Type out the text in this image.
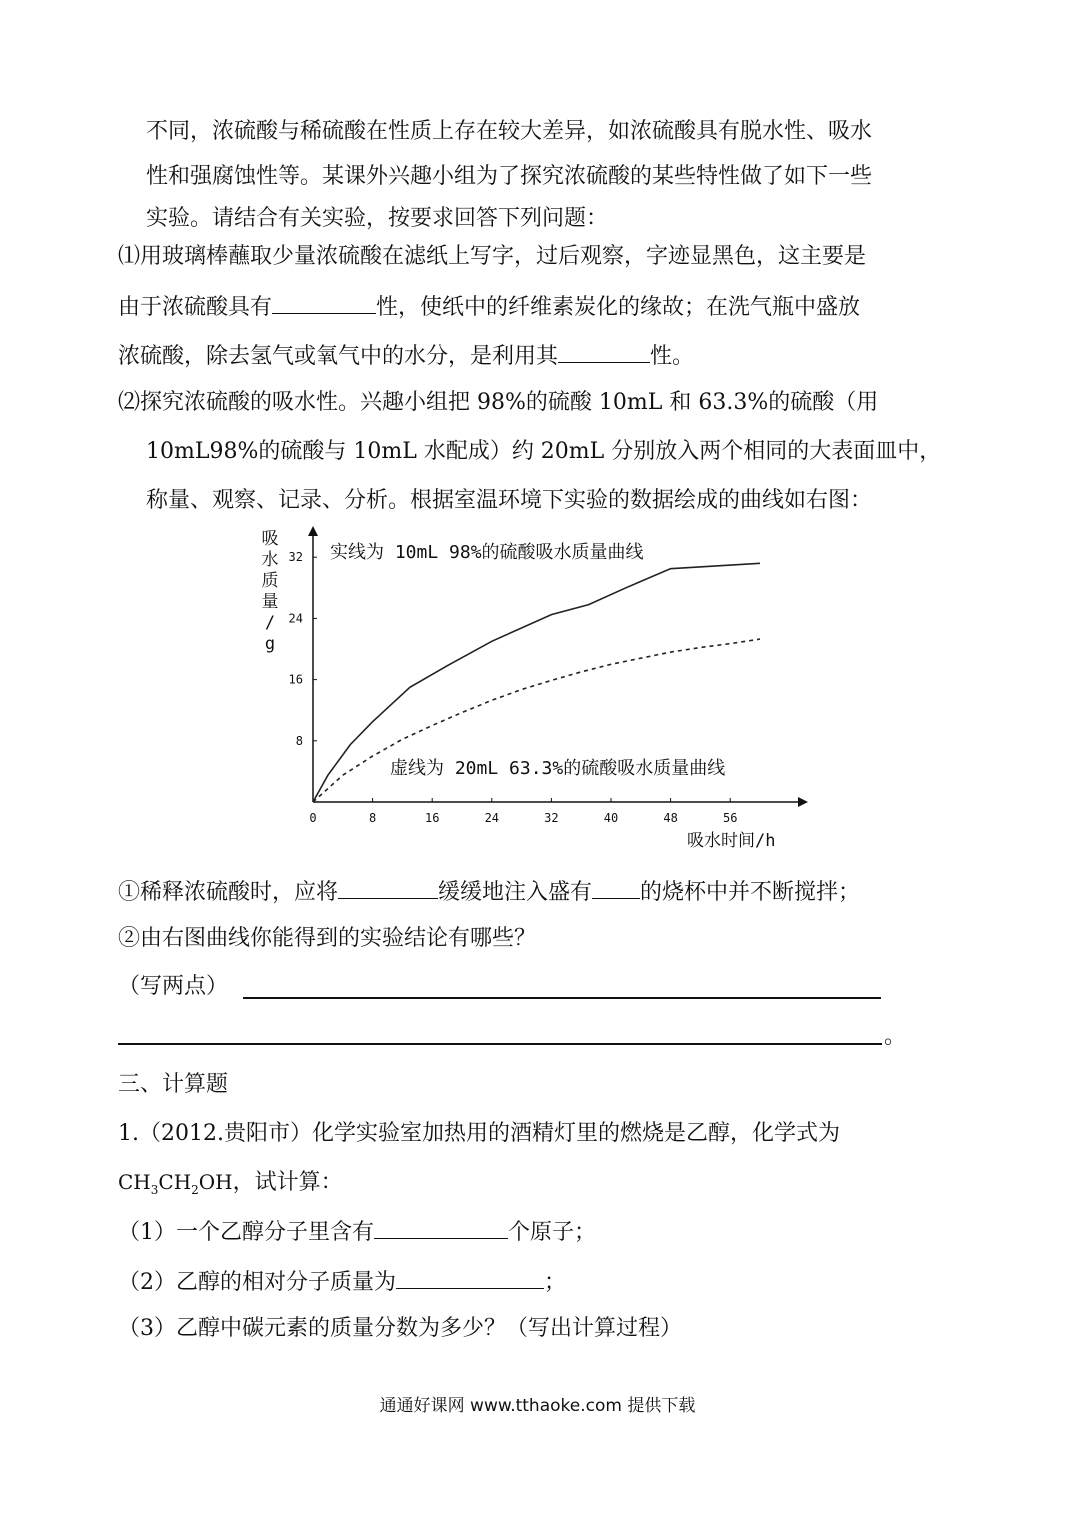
不同，浓硫酸与稀硫酸在性质上存在较大差异，如浓硫酸具有脱水性、吸水
性和强腐蚀性等。某课外兴趣小组为了探究浓硫酸的某些特性做了如下一些
实验。请结合有关实验，按要求回答下列问题：
⑴用玻璃棒蘸取少量浓硫酸在滤纸上写字，过后观察，字迹显黑色，这主要是
由于浓硫酸具有	性，使纸中的纤维素炭化的缘故；在洗气瓶中盛放
浓硫酸，除去氢气或氧气中的水分，是利用其	性。
⑵探究浓硫酸的吸水性。兴趣小组把 98%的硫酸 10mL 和 63.3%的硫酸（用
10mL98%的硫酸与 10mL 水配成）约 20mL 分别放入两个相同的大表面皿中，
称量、观察、记录、分析。根据室温环境下实验的数据绘成的曲线如右图：
吸
水
质
量
/
g
0	8	16	24	32	40	48	56
8
16
24
32 实线为 10mL 98%的硫酸吸水质量曲线
虚线为 20mL 63.3%的硫酸吸水质量曲线
吸水时间/h
①稀释浓硫酸时，应将	缓缓地注入盛有 的烧杯中并不断搅拌；
②由右图曲线你能得到的实验结论有哪些？
（写两点）
。
三、计算题
1.（2012.贵阳市）化学实验室加热用的酒精灯里的燃烧是乙醇，化学式为
$CH_3CH_2OH$，试计算：
（1）一个乙醇分子里含有	个原子；
（2）乙醇的相对分子质量为	；
（3）乙醇中碳元素的质量分数为多少？（写出计算过程）
通通好课网 www.tthaoke.com 提供下载
